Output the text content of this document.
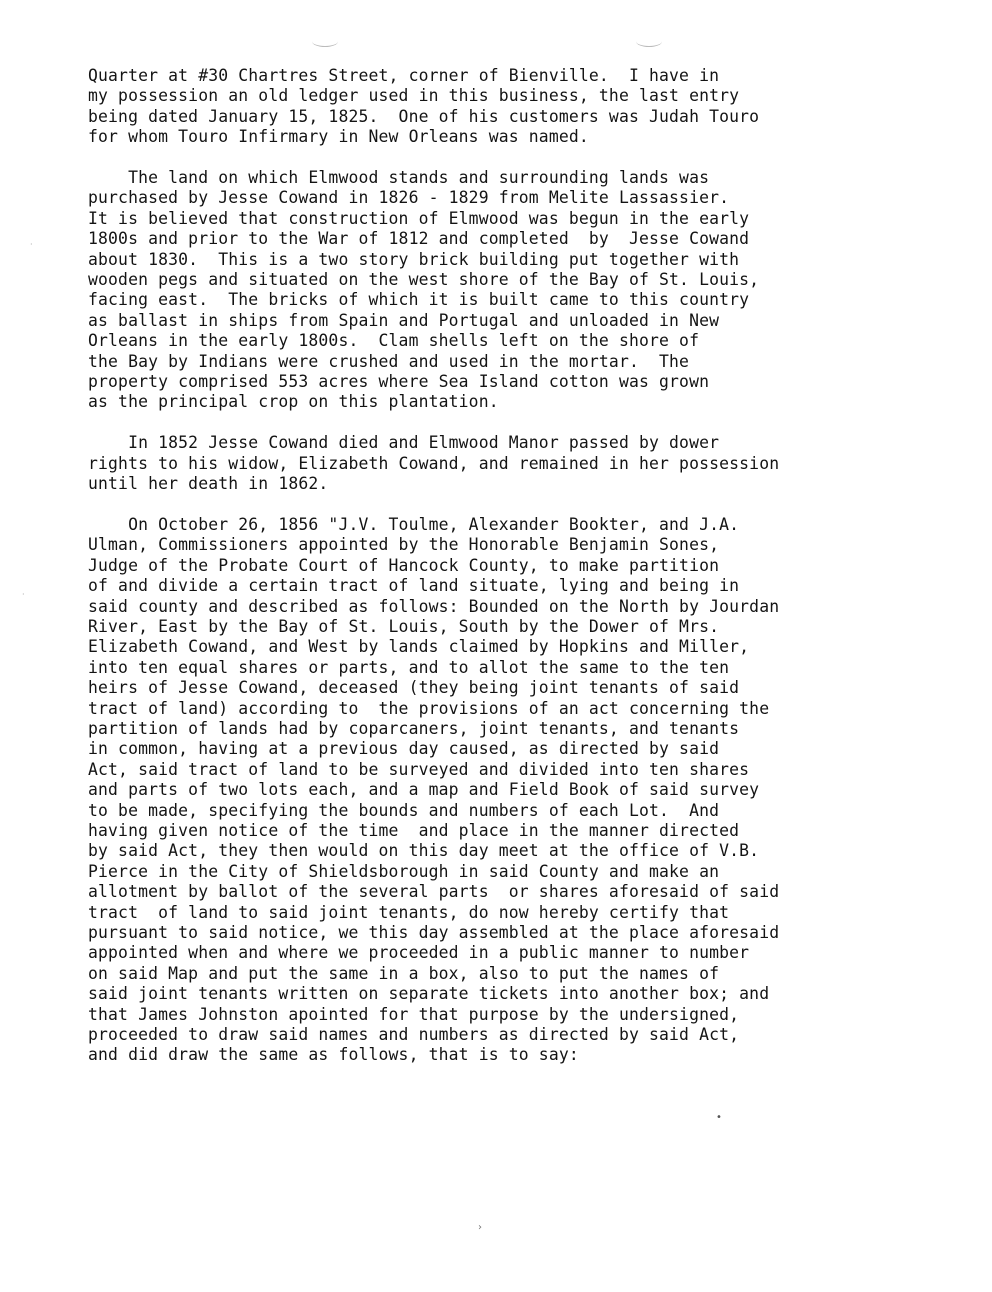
Quarter at #30 Chartres Street, corner of Bienville.  I have in
my possession an old ledger used in this business, the last entry
being dated January 15, 1825.  One of his customers was Judah Touro
for whom Touro Infirmary in New Orleans was named.
The land on which Elmwood stands and surrounding lands was
purchased by Jesse Cowand in 1826 - 1829 from Melite Lassassier.
It is believed that construction of Elmwood was begun in the early
1800s and prior to the War of 1812 and completed  by  Jesse Cowand
about 1830.  This is a two story brick building put together with
wooden pegs and situated on the west shore of the Bay of St. Louis,
facing east.  The bricks of which it is built came to this country
as ballast in ships from Spain and Portugal and unloaded in New
Orleans in the early 1800s.  Clam shells left on the shore of
the Bay by Indians were crushed and used in the mortar.  The
property comprised 553 acres where Sea Island cotton was grown
as the principal crop on this plantation.
In 1852 Jesse Cowand died and Elmwood Manor passed by dower
rights to his widow, Elizabeth Cowand, and remained in her possession
until her death in 1862.
On October 26, 1856 "J.V. Toulme, Alexander Bookter, and J.A.
Ulman, Commissioners appointed by the Honorable Benjamin Sones,
Judge of the Probate Court of Hancock County, to make partition
of and divide a certain tract of land situate, lying and being in
said county and described as follows: Bounded on the North by Jourdan
River, East by the Bay of St. Louis, South by the Dower of Mrs.
Elizabeth Cowand, and West by lands claimed by Hopkins and Miller,
into ten equal shares or parts, and to allot the same to the ten
heirs of Jesse Cowand, deceased (they being joint tenants of said
tract of land) according to  the provisions of an act concerning the
partition of lands had by coparcaners, joint tenants, and tenants
in common, having at a previous day caused, as directed by said
Act, said tract of land to be surveyed and divided into ten shares
and parts of two lots each, and a map and Field Book of said survey
to be made, specifying the bounds and numbers of each Lot.  And
having given notice of the time  and place in the manner directed
by said Act, they then would on this day meet at the office of V.B.
Pierce in the City of Shieldsborough in said County and make an
allotment by ballot of the several parts  or shares aforesaid of said
tract  of land to said joint tenants, do now hereby certify that
pursuant to said notice, we this day assembled at the place aforesaid
appointed when and where we proceeded in a public manner to number
on said Map and put the same in a box, also to put the names of
said joint tenants written on separate tickets into another box; and
that James Johnston apointed for that purpose by the undersigned,
proceeded to draw said names and numbers as directed by said Act,
and did draw the same as follows, that is to say:
•
›
·
·
